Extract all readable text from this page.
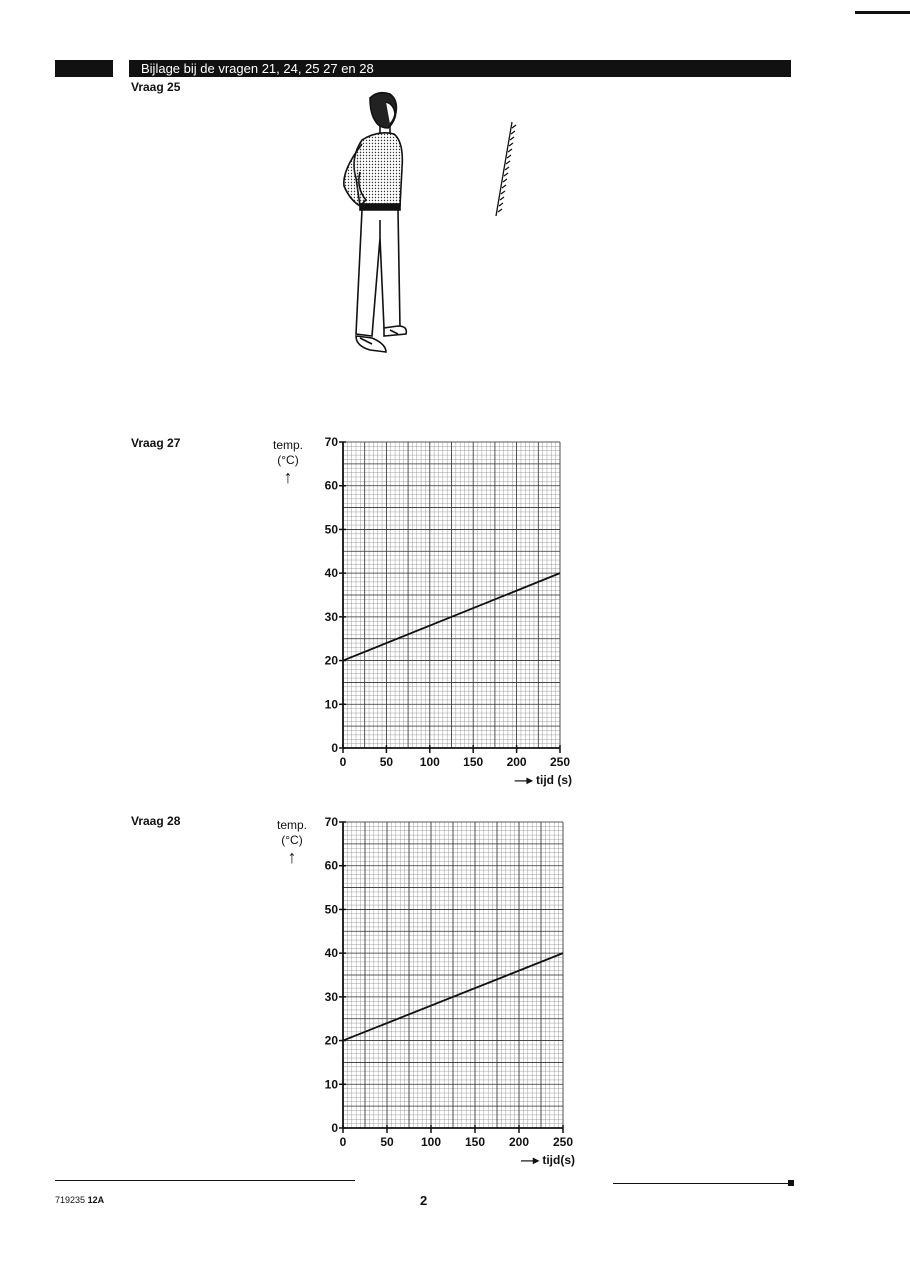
Bijlage bij de vragen 21, 24, 25 27 en 28
Vraag 25
Vraag 27	temp.
(°C)
↑
0
10
20
30
40
50
60
70
0	50 100 150 200 250
—▸ tijd (s)
Vraag 28	temp.
(°C)
↑
0
10
20
30
40
50
60
70
0	50 100 150 200 250
—▸ tijd(s)
719235 12A	2
